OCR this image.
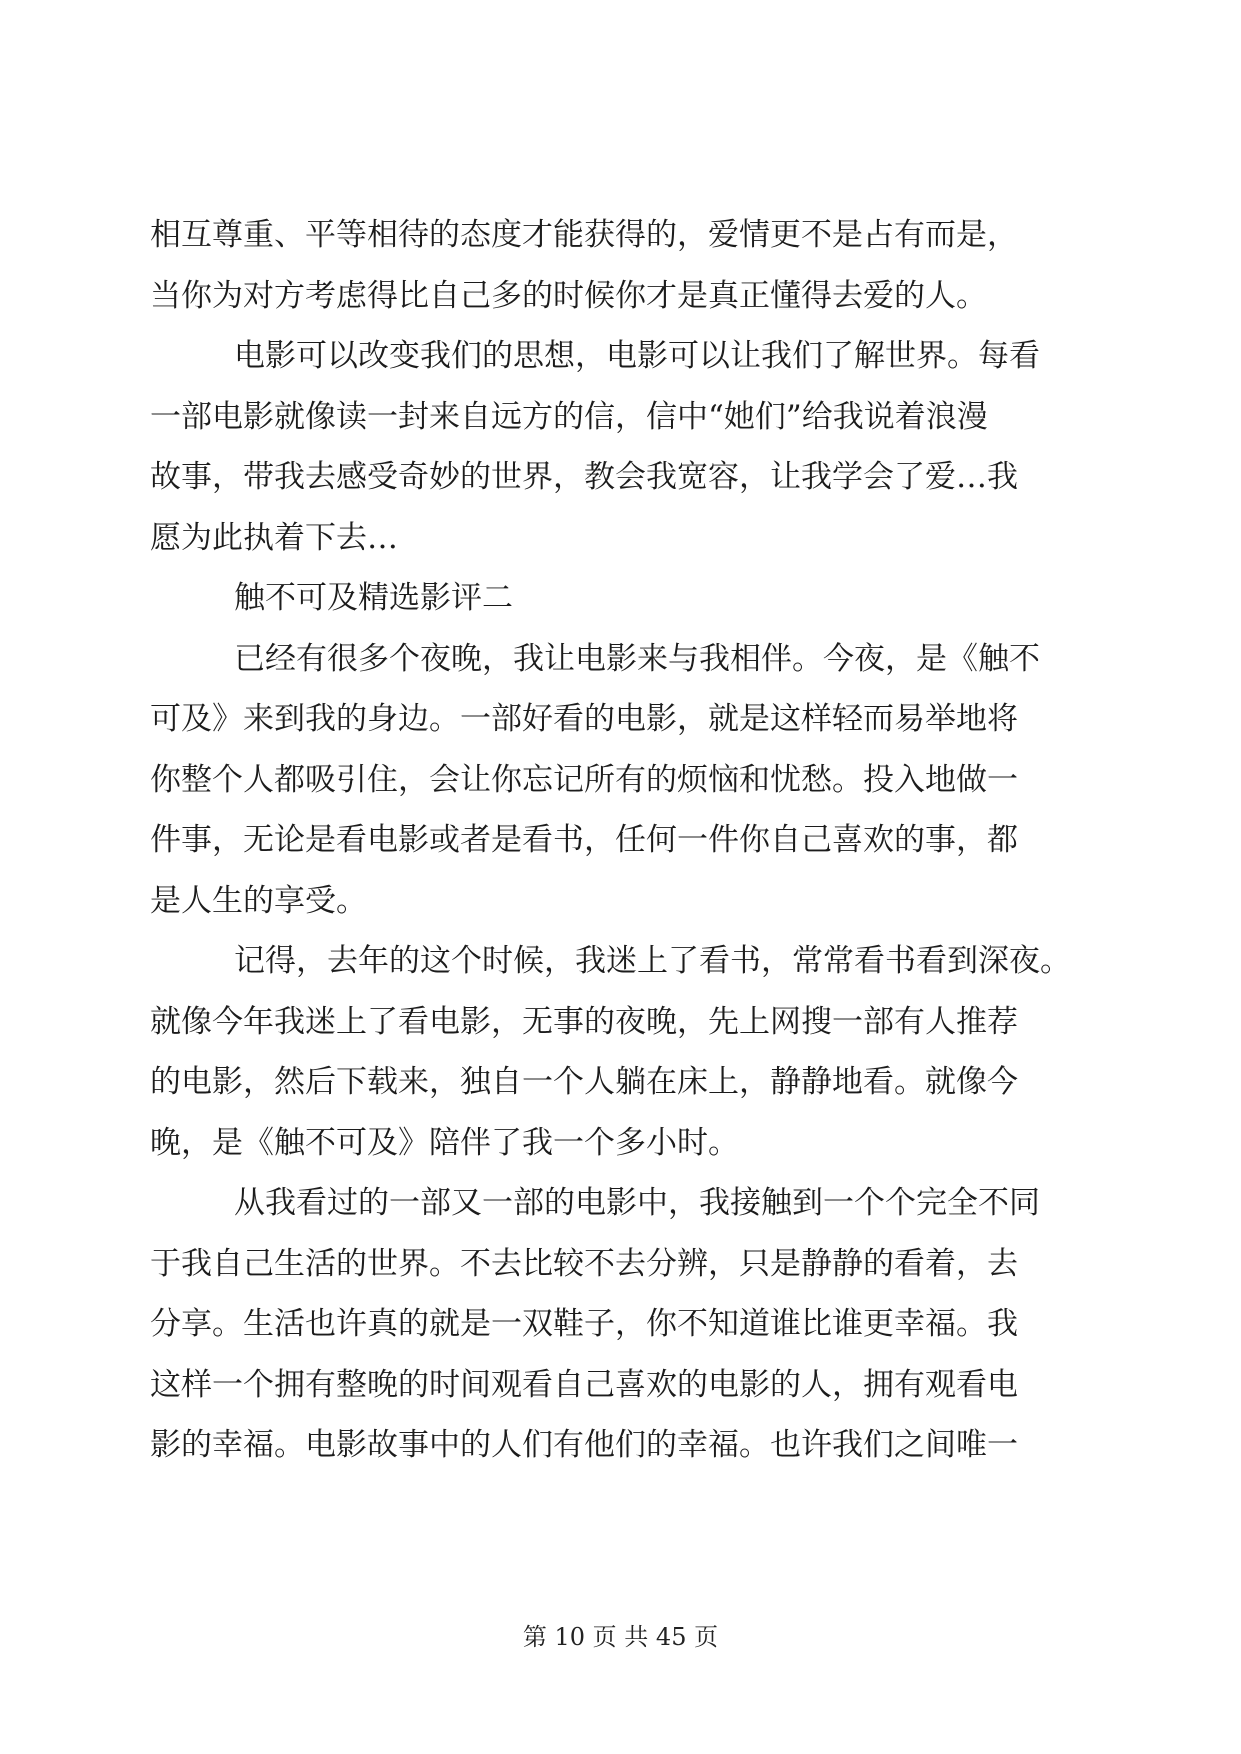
相互尊重、平等相待的态度才能获得的，爱情更不是占有而是，
当你为对方考虑得比自己多的时候你才是真正懂得去爱的人。
电影可以改变我们的思想，电影可以让我们了解世界。每看
一部电影就像读一封来自远方的信，信中“她们”给我说着浪漫
故事，带我去感受奇妙的世界，教会我宽容，让我学会了爱…我
愿为此执着下去…
触不可及精选影评二
已经有很多个夜晚，我让电影来与我相伴。今夜，是《触不
可及》来到我的身边。一部好看的电影，就是这样轻而易举地将
你整个人都吸引住，会让你忘记所有的烦恼和忧愁。投入地做一
件事，无论是看电影或者是看书，任何一件你自己喜欢的事，都
是人生的享受。
记得，去年的这个时候，我迷上了看书，常常看书看到深夜。
就像今年我迷上了看电影，无事的夜晚，先上网搜一部有人推荐
的电影，然后下载来，独自一个人躺在床上，静静地看。就像今
晚，是《触不可及》陪伴了我一个多小时。
从我看过的一部又一部的电影中，我接触到一个个完全不同
于我自己生活的世界。不去比较不去分辨，只是静静的看着，去
分享。生活也许真的就是一双鞋子，你不知道谁比谁更幸福。我
这样一个拥有整晚的时间观看自己喜欢的电影的人，拥有观看电
影的幸福。电影故事中的人们有他们的幸福。也许我们之间唯一
第 10 页 共 45 页
